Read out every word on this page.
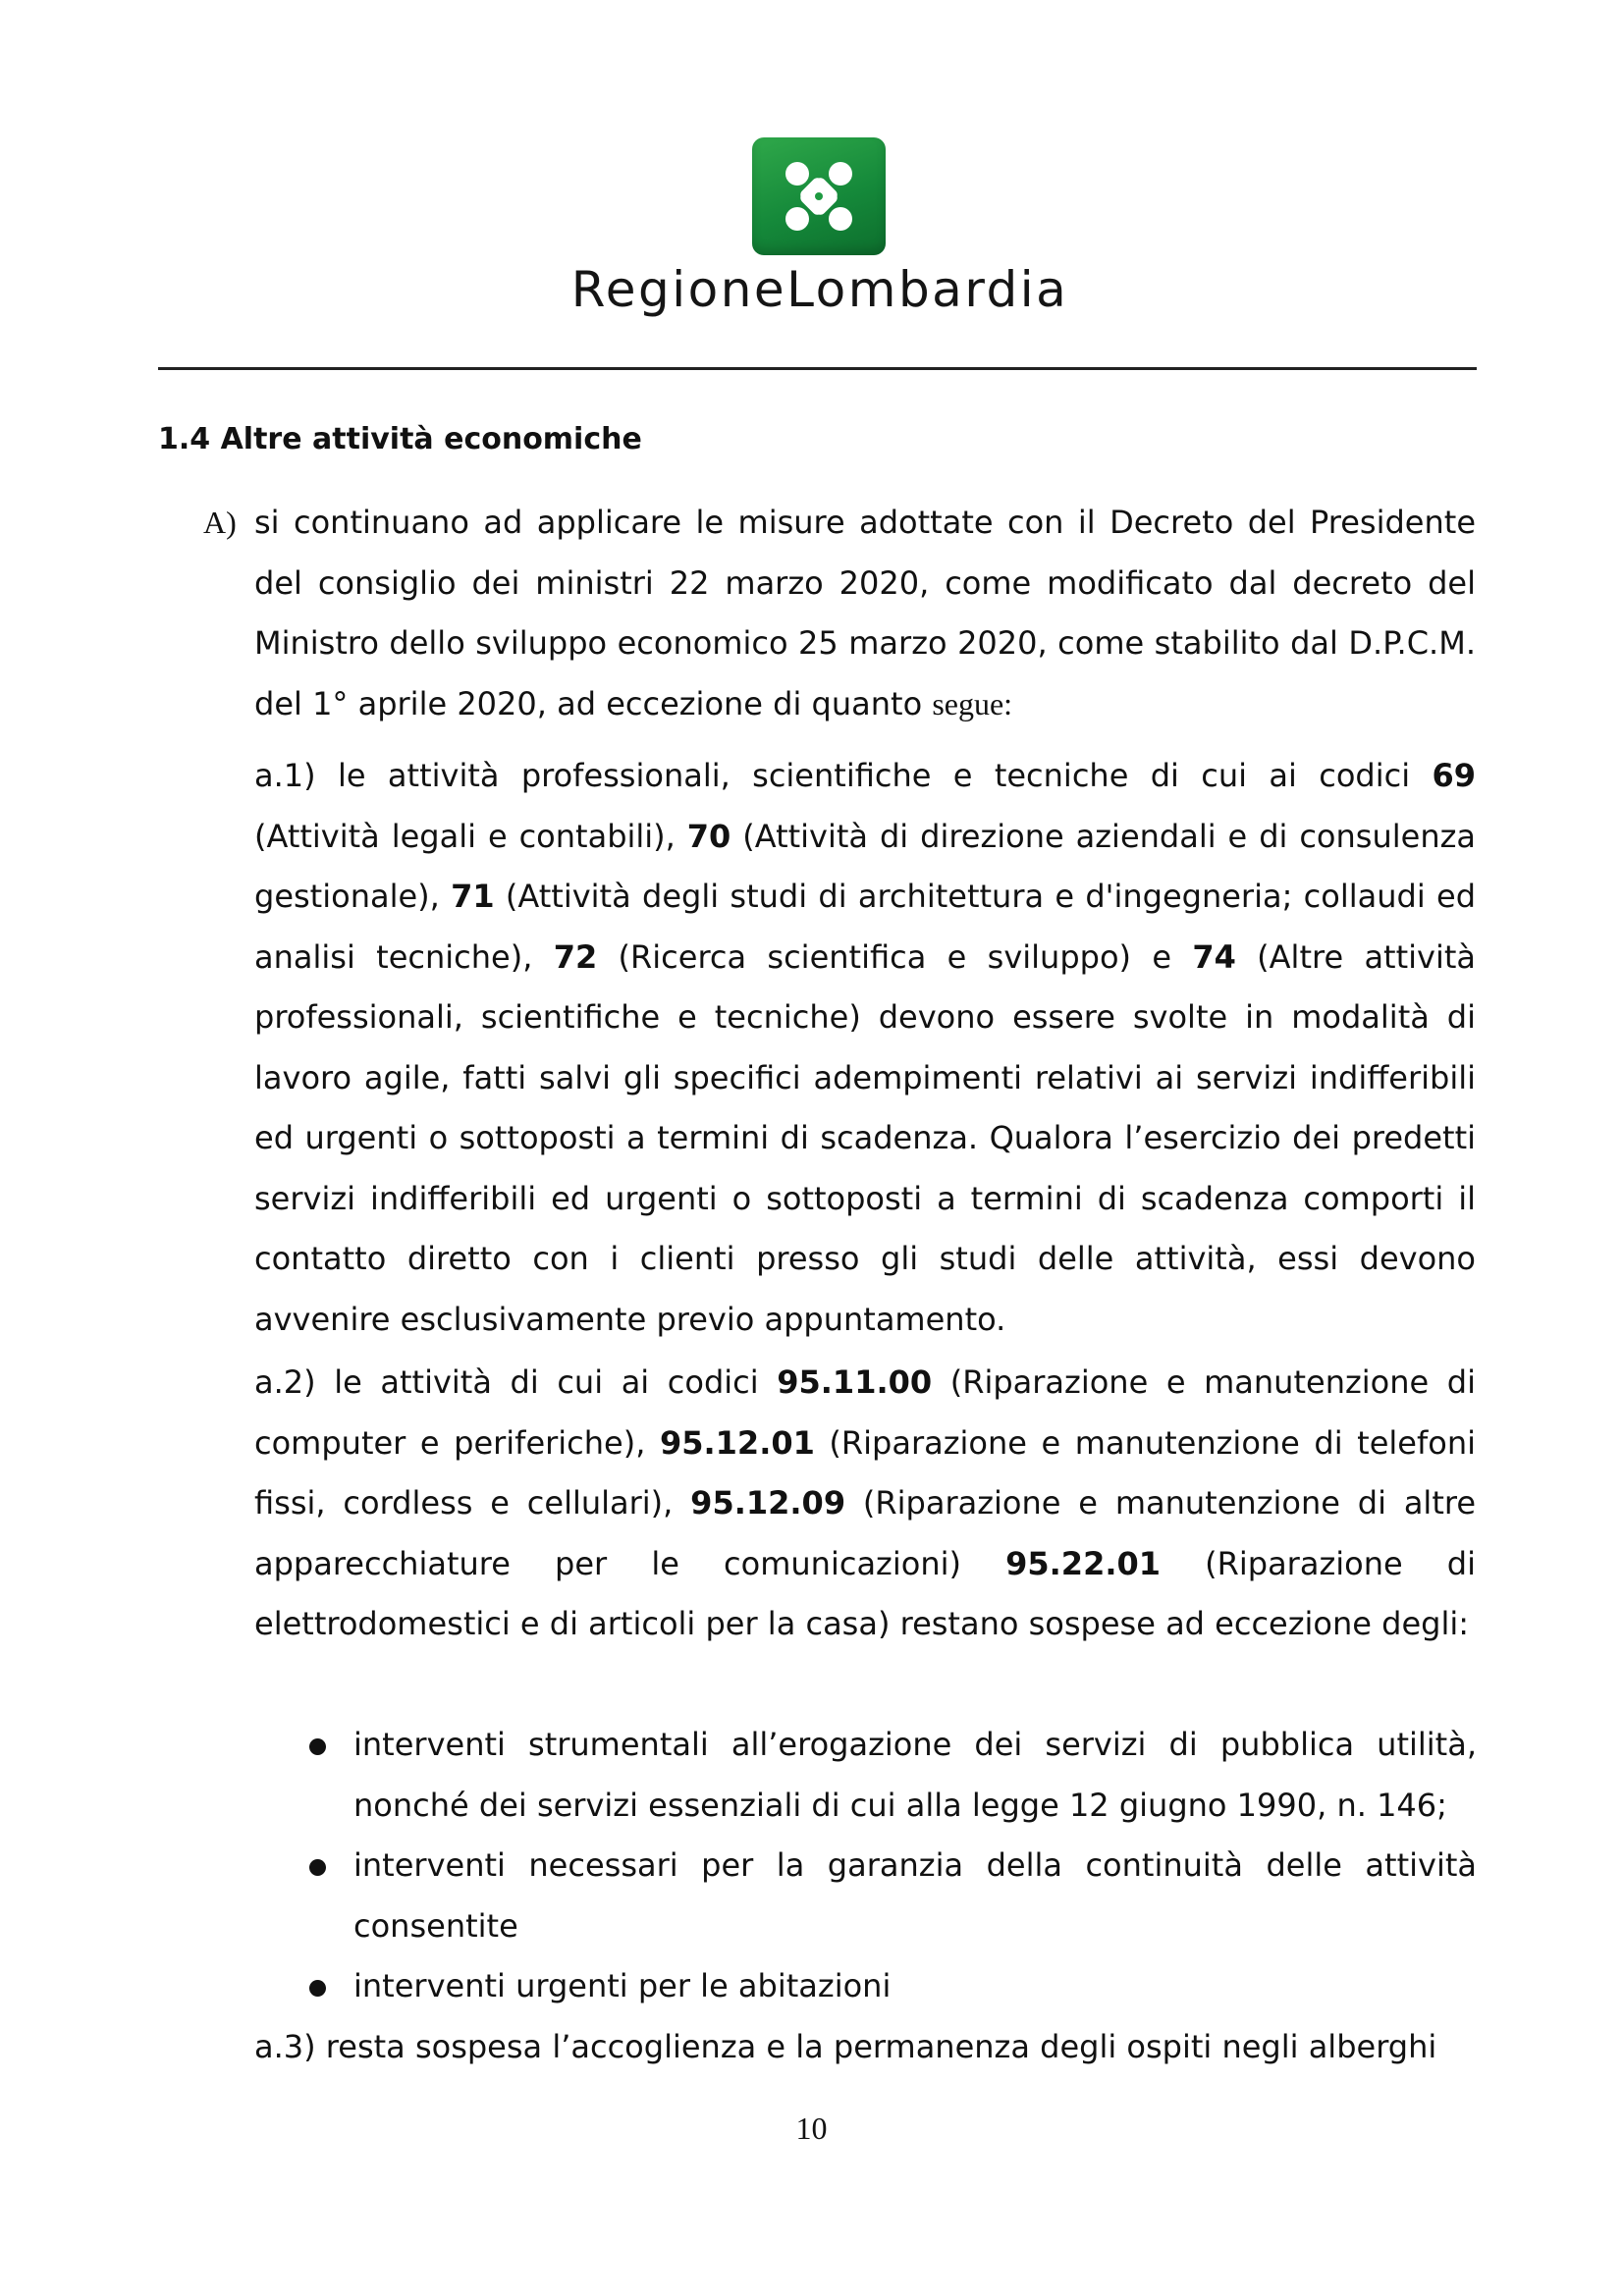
RegioneLombardia
1.4 Altre attività economiche
A) si continuano ad applicare le misure adottate con il Decreto del Presidente del consiglio dei ministri 22 marzo 2020, come modificato dal decreto del Ministro dello sviluppo economico 25 marzo 2020, come stabilito dal D.P.C.M. del 1° aprile 2020, ad eccezione di quanto segue:
a.1) le attività professionali, scientifiche e tecniche di cui ai codici 69 (Attività legali e contabili), 70 (Attività di direzione aziendali e di consulenza gestionale), 71 (Attività degli studi di architettura e d'ingegneria; collaudi ed analisi tecniche), 72 (Ricerca scientifica e sviluppo) e 74 (Altre attività professionali, scientifiche e tecniche) devono essere svolte in modalità di lavoro agile, fatti salvi gli specifici adempimenti relativi ai servizi indifferibili ed urgenti o sottoposti a termini di scadenza. Qualora l’esercizio dei predetti servizi indifferibili ed urgenti o sottoposti a termini di scadenza comporti il contatto diretto con i clienti presso gli studi delle attività, essi devono avvenire esclusivamente previo appuntamento.
a.2) le attività di cui ai codici 95.11.00 (Riparazione e manutenzione di computer e periferiche), 95.12.01 (Riparazione e manutenzione di telefoni fissi, cordless e cellulari), 95.12.09 (Riparazione e manutenzione di altre apparecchiature per le comunicazioni) 95.22.01 (Riparazione di elettrodomestici e di articoli per la casa) restano sospese ad eccezione degli:
interventi strumentali all’erogazione dei servizi di pubblica utilità, nonché dei servizi essenziali di cui alla legge 12 giugno 1990, n. 146;
interventi necessari per la garanzia della continuità delle attività consentite
interventi urgenti per le abitazioni
a.3) resta sospesa l’accoglienza e la permanenza degli ospiti negli alberghi
10
